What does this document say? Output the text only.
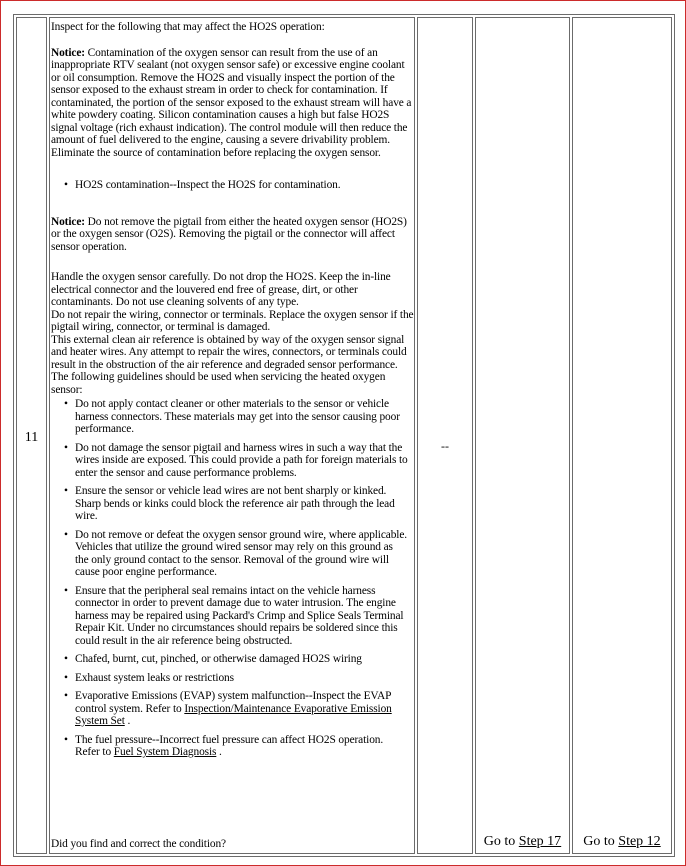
11

Inspect for the following that may affect the HO2S operation:

Notice: Contamination of the oxygen sensor can result from the use of an inappropriate RTV sealant (not oxygen sensor safe) or excessive engine coolant or oil consumption. Remove the HO2S and visually inspect the portion of the sensor exposed to the exhaust stream in order to check for contamination. If contaminated, the portion of the sensor exposed to the exhaust stream will have a white powdery coating. Silicon contamination causes a high but false HO2S signal voltage (rich exhaust indication). The control module will then reduce the amount of fuel delivered to the engine, causing a severe drivability problem. Eliminate the source of contamination before replacing the oxygen sensor.

• HO2S contamination--Inspect the HO2S for contamination.

Notice: Do not remove the pigtail from either the heated oxygen sensor (HO2S) or the oxygen sensor (O2S). Removing the pigtail or the connector will affect sensor operation.

Handle the oxygen sensor carefully. Do not drop the HO2S. Keep the in-line electrical connector and the louvered end free of grease, dirt, or other contaminants. Do not use cleaning solvents of any type.

Do not repair the wiring, connector or terminals. Replace the oxygen sensor if the pigtail wiring, connector, or terminal is damaged.

This external clean air reference is obtained by way of the oxygen sensor signal and heater wires. Any attempt to repair the wires, connectors, or terminals could result in the obstruction of the air reference and degraded sensor performance.

The following guidelines should be used when servicing the heated oxygen sensor:

• Do not apply contact cleaner or other materials to the sensor or vehicle harness connectors. These materials may get into the sensor causing poor performance.
• Do not damage the sensor pigtail and harness wires in such a way that the wires inside are exposed. This could provide a path for foreign materials to enter the sensor and cause performance problems.
• Ensure the sensor or vehicle lead wires are not bent sharply or kinked. Sharp bends or kinks could block the reference air path through the lead wire.
• Do not remove or defeat the oxygen sensor ground wire, where applicable. Vehicles that utilize the ground wired sensor may rely on this ground as the only ground contact to the sensor. Removal of the ground wire will cause poor engine performance.
• Ensure that the peripheral seal remains intact on the vehicle harness connector in order to prevent damage due to water intrusion. The engine harness may be repaired using Packard's Crimp and Splice Seals Terminal Repair Kit. Under no circumstances should repairs be soldered since this could result in the air reference being obstructed.
• Chafed, burnt, cut, pinched, or otherwise damaged HO2S wiring
• Exhaust system leaks or restrictions
• Evaporative Emissions (EVAP) system malfunction--Inspect the EVAP control system. Refer to Inspection/Maintenance Evaporative Emission System Set .
• The fuel pressure--Incorrect fuel pressure can affect HO2S operation. Refer to Fuel System Diagnosis .

Did you find and correct the condition?

--
Go to Step 17	Go to Step 12
